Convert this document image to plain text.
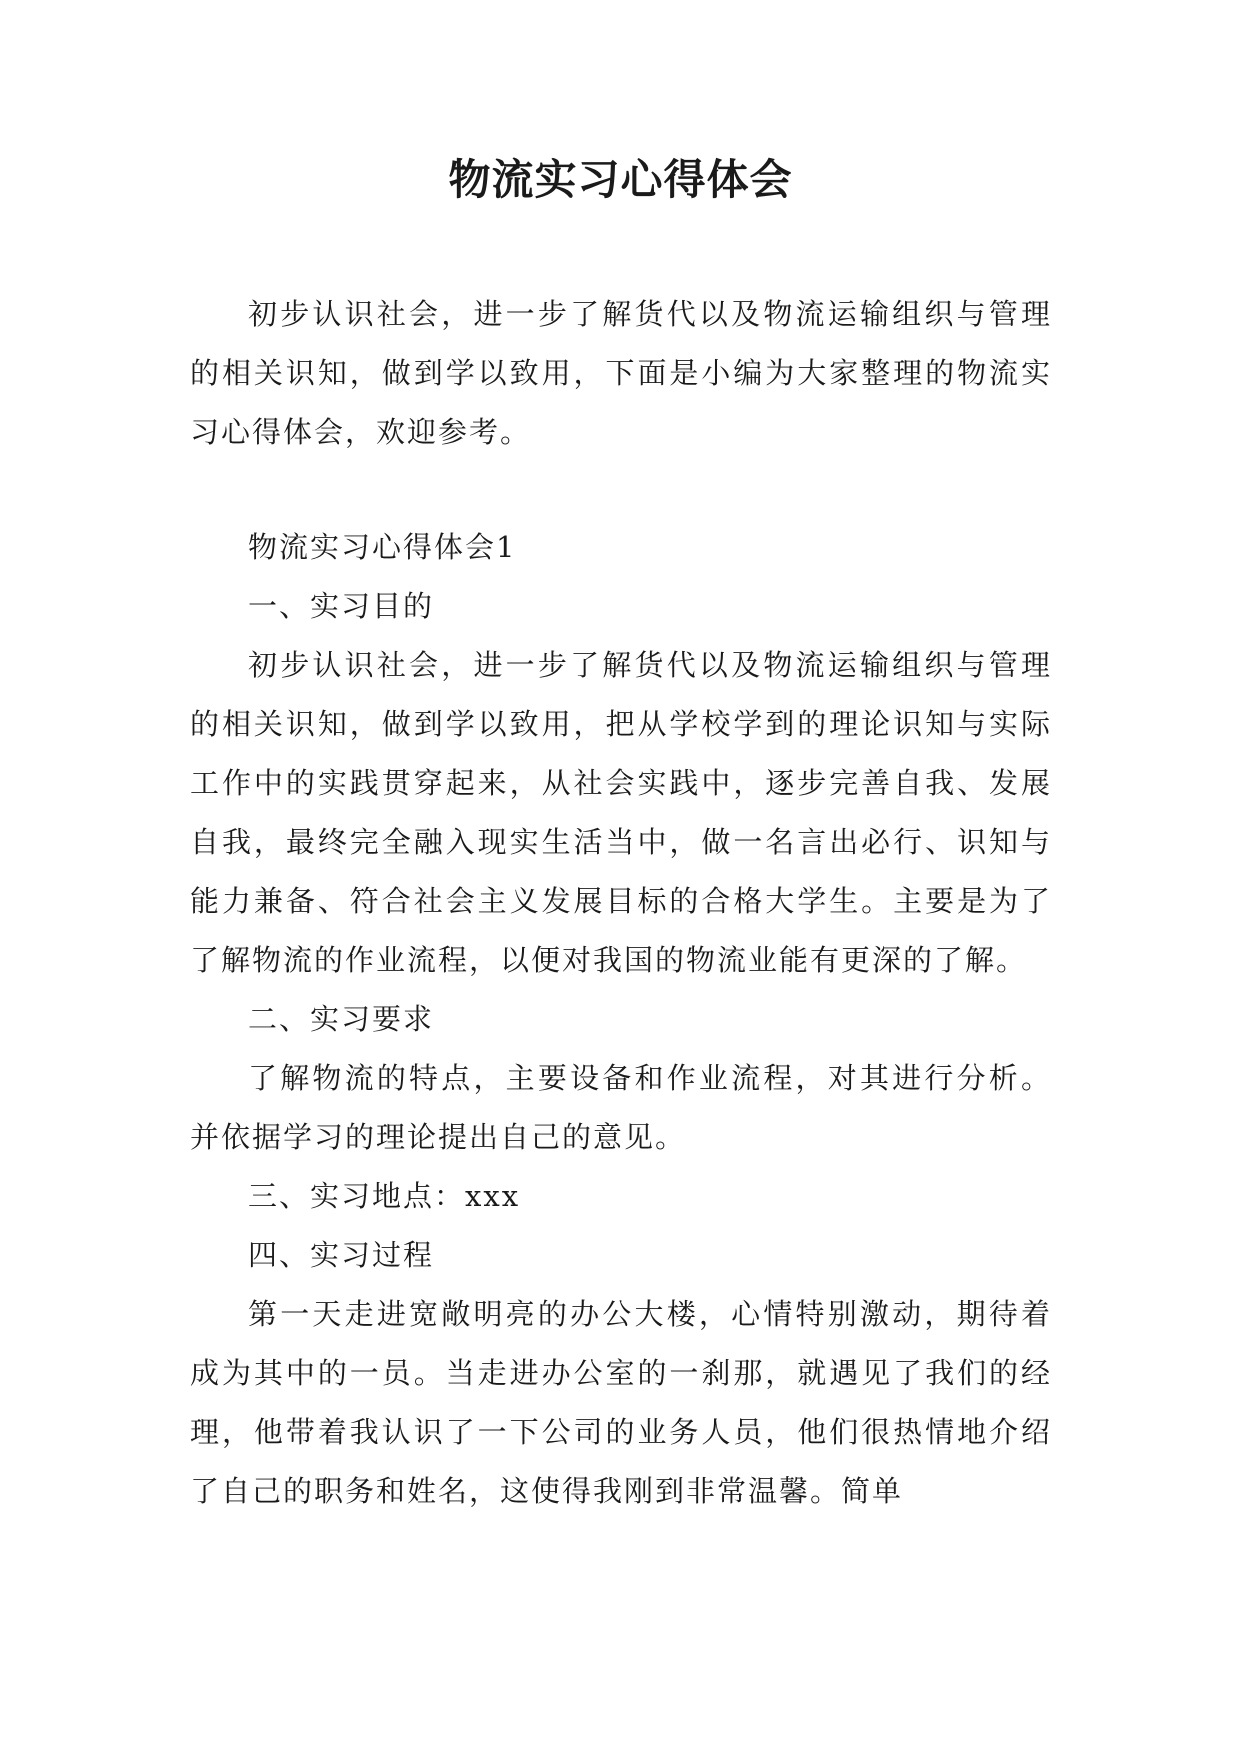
物流实习心得体会

初步认识社会，进一步了解货代以及物流运输组织与管理的相关识知，做到学以致用，下面是小编为大家整理的物流实习心得体会，欢迎参考。

物流实习心得体会1

一、实习目的

初步认识社会，进一步了解货代以及物流运输组织与管理的相关识知，做到学以致用，把从学校学到的理论识知与实际工作中的实践贯穿起来，从社会实践中，逐步完善自我、发展自我，最终完全融入现实生活当中，做一名言出必行、识知与能力兼备、符合社会主义发展目标的合格大学生。主要是为了了解物流的作业流程，以便对我国的物流业能有更深的了解。

二、实习要求

了解物流的特点，主要设备和作业流程，对其进行分析。并依据学习的理论提出自己的意见。

三、实习地点：xxx

四、实习过程

第一天走进宽敞明亮的办公大楼，心情特别激动，期待着成为其中的一员。当走进办公室的一刹那，就遇见了我们的经理，他带着我认识了一下公司的业务人员，他们很热情地介绍了自己的职务和姓名，这使得我刚到非常温馨。简单
